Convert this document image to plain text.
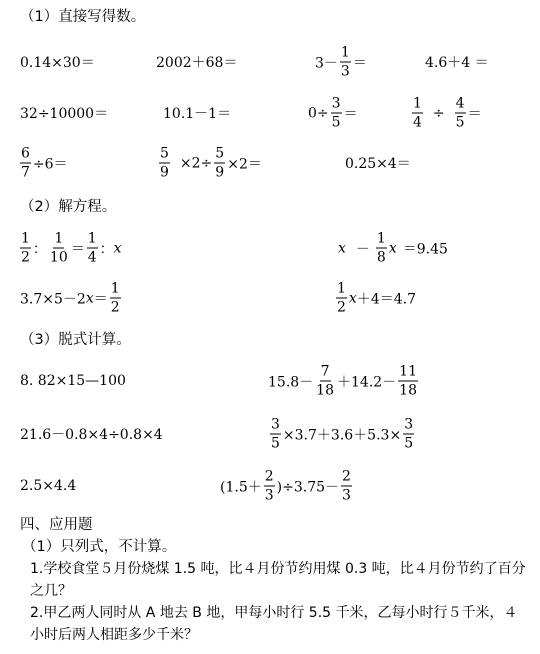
（1）直接写得数。
0.14×30＝	2002＋68＝	$3- \frac{1}{3}$ ＝	4.6＋4 ＝
32÷10000＝	10.1－1＝	$0\div \frac{3}{5}$ ＝	$\frac{1}{4} \div \frac{4}{5}$ ＝
$\frac{6}{7} \div 6=$	$\frac{5}{9} \times 2\div \frac{5}{9} \times 2=$	0.25×4＝
（2）解方程。
$\frac{1}{2}$ ： $\frac{1}{10} = \frac{1}{4}$ ： x	$x - \frac{1}{8}$ x ＝9.45
3.7×5－2 $x = \frac{1}{2}$	$\frac{1}{2}$ x ＋4＝4.7
（3）脱式计算。
8. 82×15—100	$15.8- \frac{7}{18} +14.2- \frac{11}{18}$
21.6－0.8×4÷0.8×4	$\frac{3}{5} \times 3.7+3.6+5.3\times \frac{3}{5}$
2.5×4.4	$(1.5+ \frac{2}{3} )\div 3.75- \frac{2}{3}$
四、应用题
（1）只列式，不计算。
1.学校食堂５月份烧煤 1.5 吨，比４月份节约用煤 0.3 吨，比４月份节约了百分之几？
2.甲乙两人同时从 A 地去 B 地，甲每小时行 5.5 千米，乙每小时行５千米，４小时后两人相距多少千米？
